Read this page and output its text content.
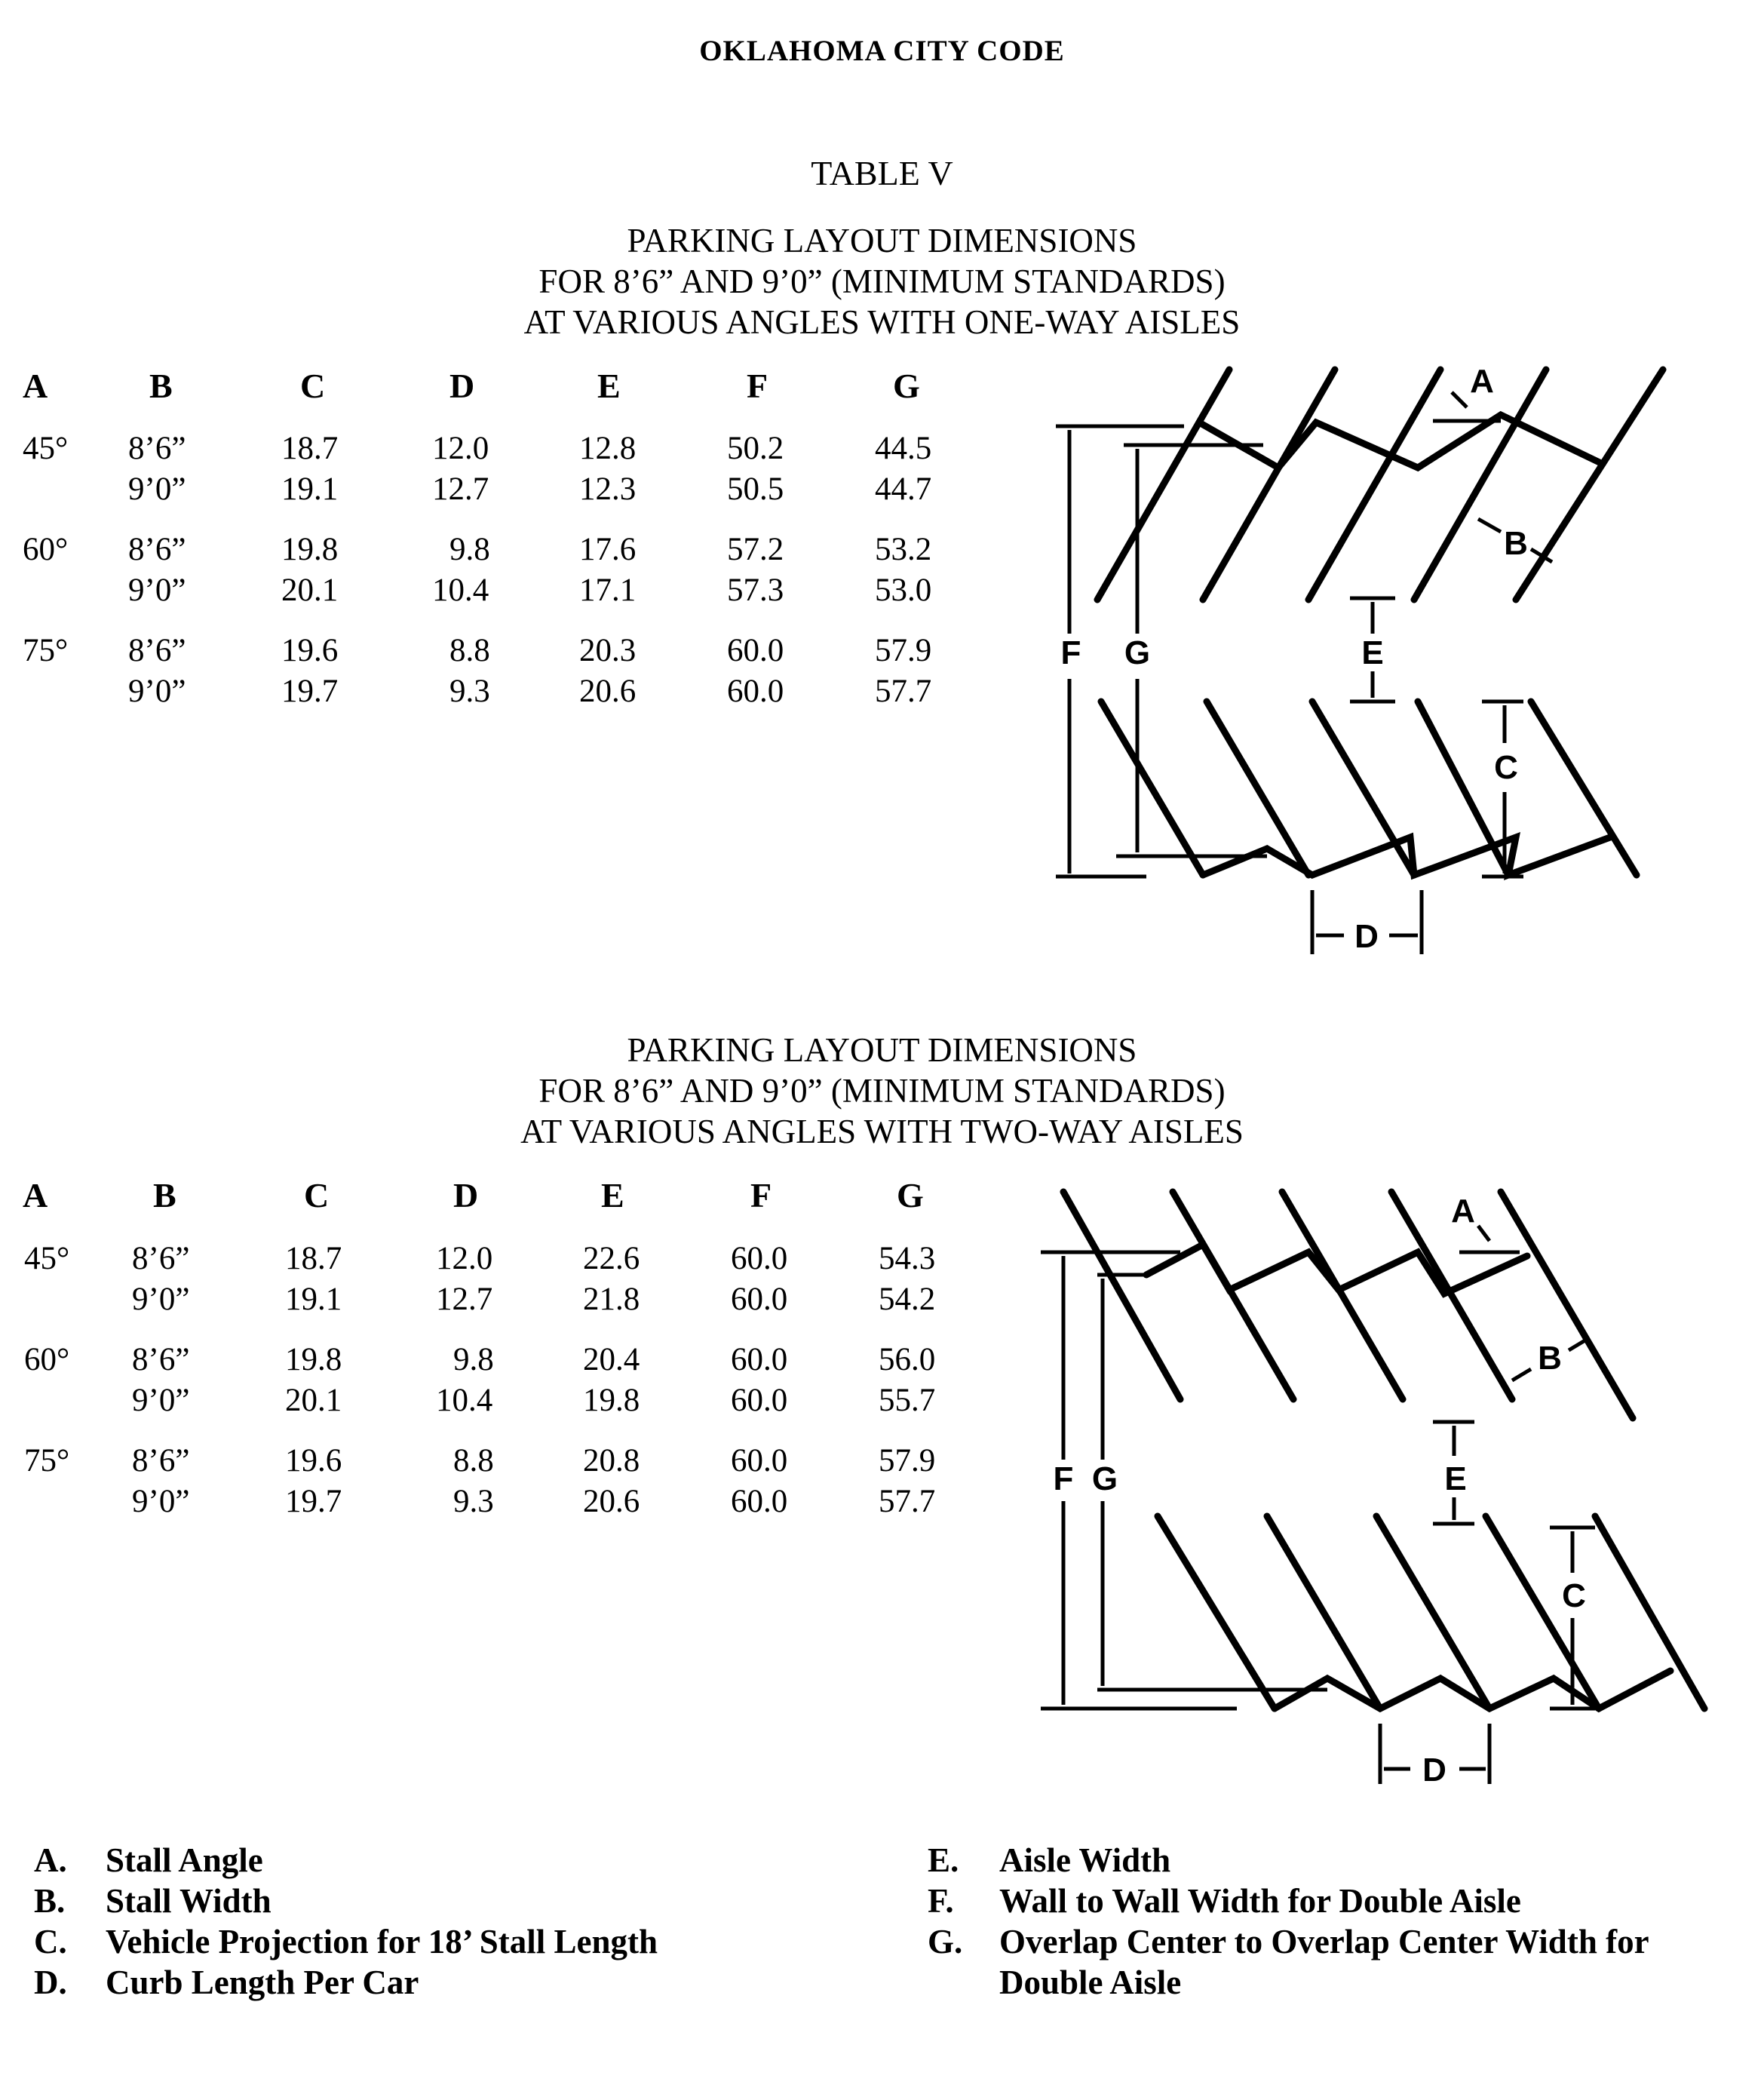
OKLAHOMA CITY CODE
TABLE V
PARKING LAYOUT DIMENSIONS
FOR 8’6” AND 9’0” (MINIMUM STANDARDS)
AT VARIOUS ANGLES WITH ONE-WAY AISLES
A	B	C	D	E	F	G
45° 8’6”	18.7	12.0	12.8	50.2	44.5
9’0”	19.1	12.7	12.3	50.5	44.7
60° 8’6”	19.8	9.8	17.6	57.2	53.2
9’0”	20.1	10.4	17.1	57.3	53.0
75° 8’6”	19.6	8.8	20.3	60.0	57.9
9’0”	19.7	9.3	20.6	60.0	57.7
F G	E
C
D
B
A
PARKING LAYOUT DIMENSIONS
FOR 8’6” AND 9’0” (MINIMUM STANDARDS)
AT VARIOUS ANGLES WITH TWO-WAY AISLES
A	B	C	D	E	F	G
45° 8’6”	18.7	12.0	22.6	60.0	54.3
9’0”	19.1	12.7	21.8	60.0	54.2
60° 8’6”	19.8	9.8	20.4	60.0	56.0
9’0”	20.1	10.4	19.8	60.0	55.7
75° 8’6”	19.6	8.8	20.8	60.0	57.9
9’0”	19.7	9.3	20.6	60.0	57.7
F G	E
C
D
B
A
A. Stall Angle
B. Stall Width
C. Vehicle Projection for 18’ Stall Length
D. Curb Length Per Car
E. Aisle Width
F. Wall to Wall Width for Double Aisle
G. Overlap Center to Overlap Center Width for
Double Aisle
